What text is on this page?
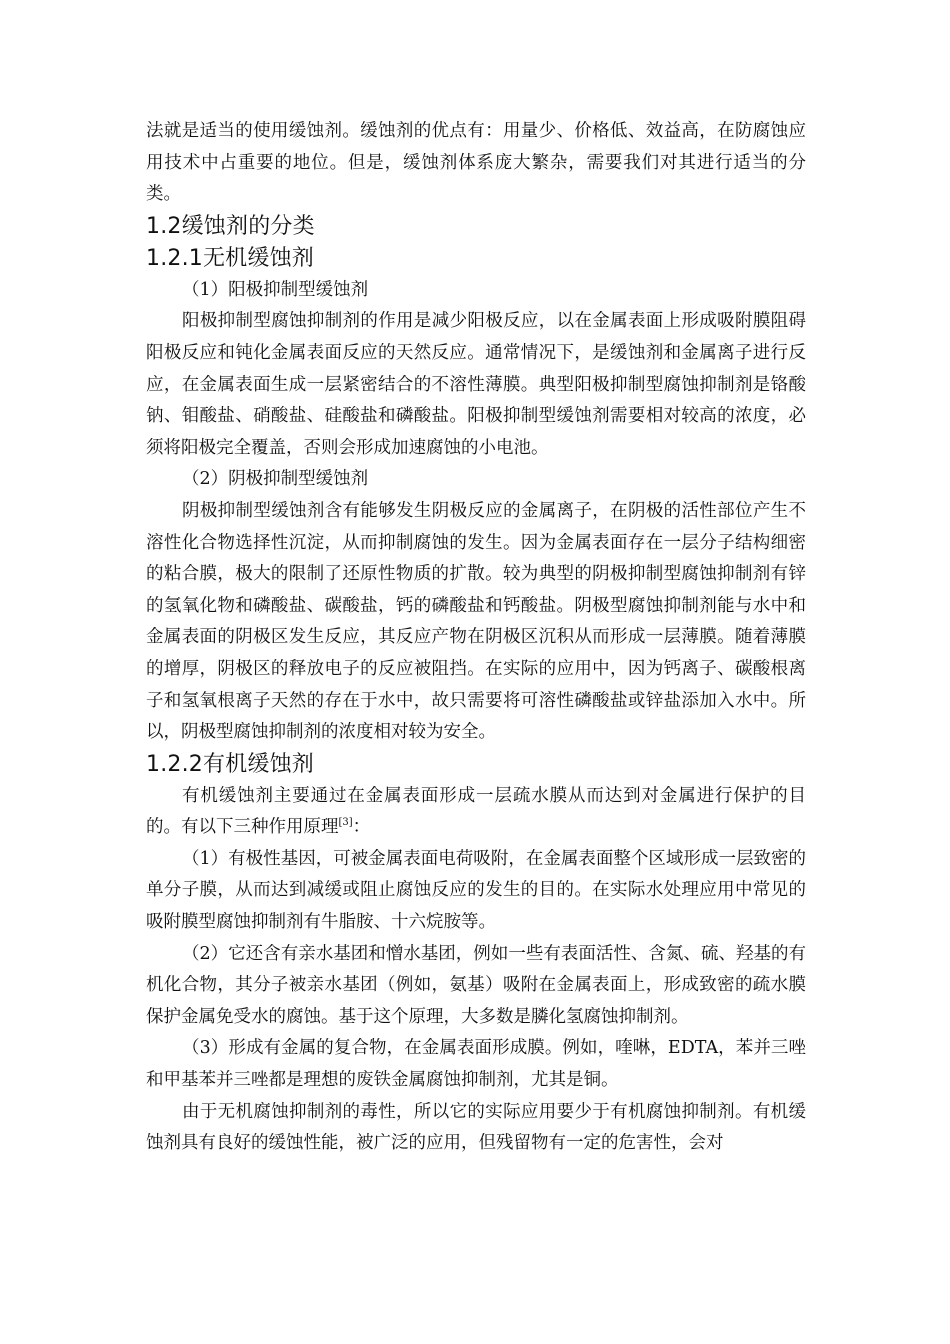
法就是适当的使用缓蚀剂。缓蚀剂的优点有：用量少、价格低、效益高，在防腐蚀应用技术中占重要的地位。但是，缓蚀剂体系庞大繁杂，需要我们对其进行适当的分类。

1.2缓蚀剂的分类
1.2.1无机缓蚀剂

（1）阳极抑制型缓蚀剂

阳极抑制型腐蚀抑制剂的作用是减少阳极反应，以在金属表面上形成吸附膜阻碍阳极反应和钝化金属表面反应的天然反应。通常情况下，是缓蚀剂和金属离子进行反应，在金属表面生成一层紧密结合的不溶性薄膜。典型阳极抑制型腐蚀抑制剂是铬酸钠、钼酸盐、硝酸盐、硅酸盐和磷酸盐。阳极抑制型缓蚀剂需要相对较高的浓度，必须将阳极完全覆盖，否则会形成加速腐蚀的小电池。

（2）阴极抑制型缓蚀剂

阴极抑制型缓蚀剂含有能够发生阴极反应的金属离子，在阴极的活性部位产生不溶性化合物选择性沉淀，从而抑制腐蚀的发生。因为金属表面存在一层分子结构细密的粘合膜，极大的限制了还原性物质的扩散。较为典型的阴极抑制型腐蚀抑制剂有锌的氢氧化物和磷酸盐、碳酸盐，钙的磷酸盐和钙酸盐。阴极型腐蚀抑制剂能与水中和金属表面的阴极区发生反应，其反应产物在阴极区沉积从而形成一层薄膜。随着薄膜的增厚，阴极区的释放电子的反应被阻挡。在实际的应用中，因为钙离子、碳酸根离子和氢氧根离子天然的存在于水中，故只需要将可溶性磷酸盐或锌盐添加入水中。所以，阴极型腐蚀抑制剂的浓度相对较为安全。

1.2.2有机缓蚀剂

有机缓蚀剂主要通过在金属表面形成一层疏水膜从而达到对金属进行保护的目的。有以下三种作用原理[3]：

（1）有极性基因，可被金属表面电荷吸附，在金属表面整个区域形成一层致密的单分子膜，从而达到减缓或阻止腐蚀反应的发生的目的。在实际水处理应用中常见的吸附膜型腐蚀抑制剂有牛脂胺、十六烷胺等。

（2）它还含有亲水基团和憎水基团，例如一些有表面活性、含氮、硫、羟基的有机化合物，其分子被亲水基团（例如，氨基）吸附在金属表面上，形成致密的疏水膜保护金属免受水的腐蚀。基于这个原理，大多数是膦化氢腐蚀抑制剂。

（3）形成有金属的复合物，在金属表面形成膜。例如，喹啉，EDTA，苯并三唑和甲基苯并三唑都是理想的废铁金属腐蚀抑制剂，尤其是铜。

由于无机腐蚀抑制剂的毒性，所以它的实际应用要少于有机腐蚀抑制剂。有机缓蚀剂具有良好的缓蚀性能，被广泛的应用，但残留物有一定的危害性，会对
